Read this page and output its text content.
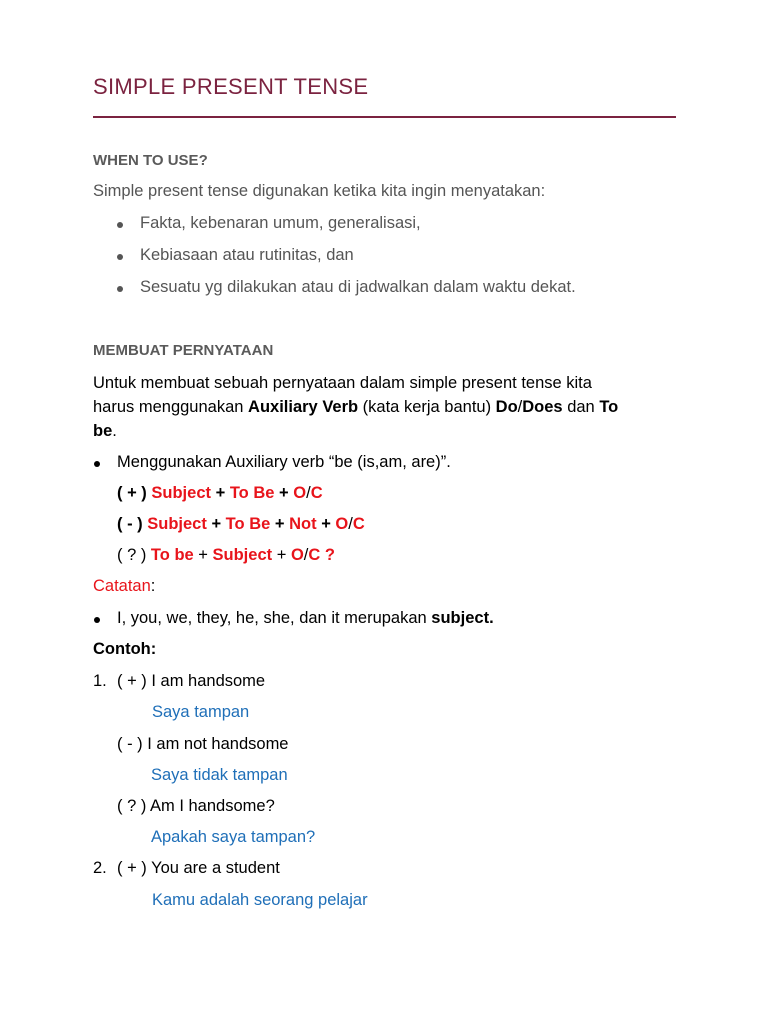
SIMPLE PRESENT TENSE
WHEN TO USE?
Simple present tense digunakan ketika kita ingin menyatakan:
Fakta, kebenaran umum, generalisasi,
Kebiasaan atau rutinitas, dan
Sesuatu yg dilakukan atau di jadwalkan dalam waktu dekat.
MEMBUAT PERNYATAAN
Untuk membuat sebuah pernyataan dalam simple present tense kita
harus menggunakan Auxiliary Verb (kata kerja bantu) Do/Does dan To
be.
Menggunakan Auxiliary verb “be (is,am, are)”.
( + ) Subject + To Be + O/C
( - ) Subject + To Be + Not + O/C
( ? ) To be + Subject + O/C ?
Catatan:
I, you, we, they, he, she, dan it merupakan subject.
Contoh:
1. ( + ) I am handsome
Saya tampan
( - ) I am not handsome
Saya tidak tampan
( ? ) Am I handsome?
Apakah saya tampan?
2. ( + ) You are a student
Kamu adalah seorang pelajar
